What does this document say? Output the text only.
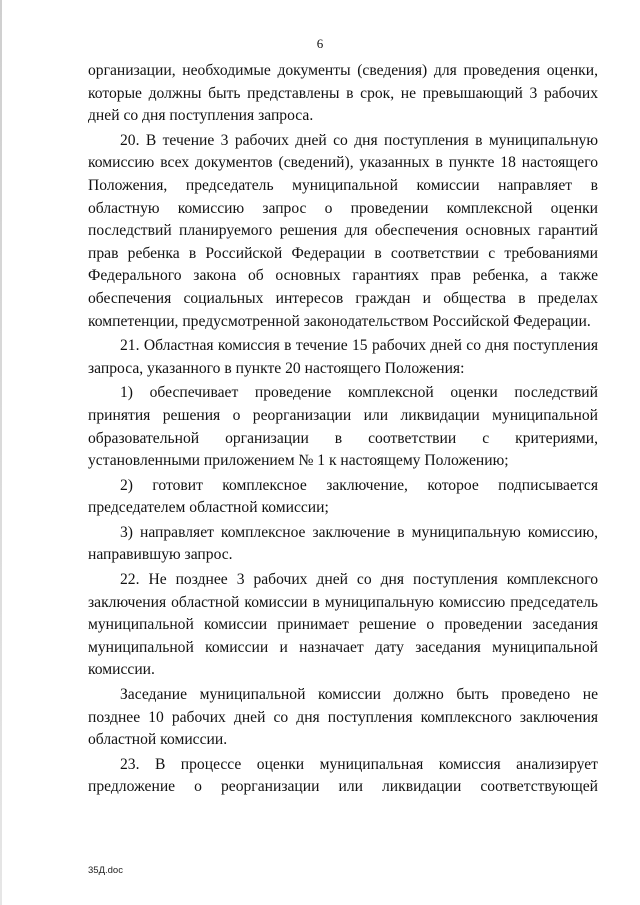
6

организации, необходимые документы (сведения) для проведения оценки, которые должны быть представлены в срок, не превышающий 3 рабочих дней со дня поступления запроса.

20. В течение 3 рабочих дней со дня поступления в муниципальную комиссию всех документов (сведений), указанных в пункте 18 настоящего Положения, председатель муниципальной комиссии направляет в областную комиссию запрос о проведении комплексной оценки последствий планируемого решения для обеспечения основных гарантий прав ребенка в Российской Федерации в соответствии с требованиями Федерального закона об основных гарантиях прав ребенка, а также обеспечения социальных интересов граждан и общества в пределах компетенции, предусмотренной законодательством Российской Федерации.

21. Областная комиссия в течение 15 рабочих дней со дня поступления запроса, указанного в пункте 20 настоящего Положения:

1) обеспечивает проведение комплексной оценки последствий принятия решения о реорганизации или ликвидации муниципальной образовательной организации в соответствии с критериями, установленными приложением № 1 к настоящему Положению;

2) готовит комплексное заключение, которое подписывается председателем областной комиссии;

3) направляет комплексное заключение в муниципальную комиссию, направившую запрос.

22. Не позднее 3 рабочих дней со дня поступления комплексного заключения областной комиссии в муниципальную комиссию председатель муниципальной комиссии принимает решение о проведении заседания муниципальной комиссии и назначает дату заседания муниципальной комиссии.

Заседание муниципальной комиссии должно быть проведено не позднее 10 рабочих дней со дня поступления комплексного заключения областной комиссии.

23. В процессе оценки муниципальная комиссия анализирует предложение о реорганизации или ликвидации соответствующей

35Д.doc
